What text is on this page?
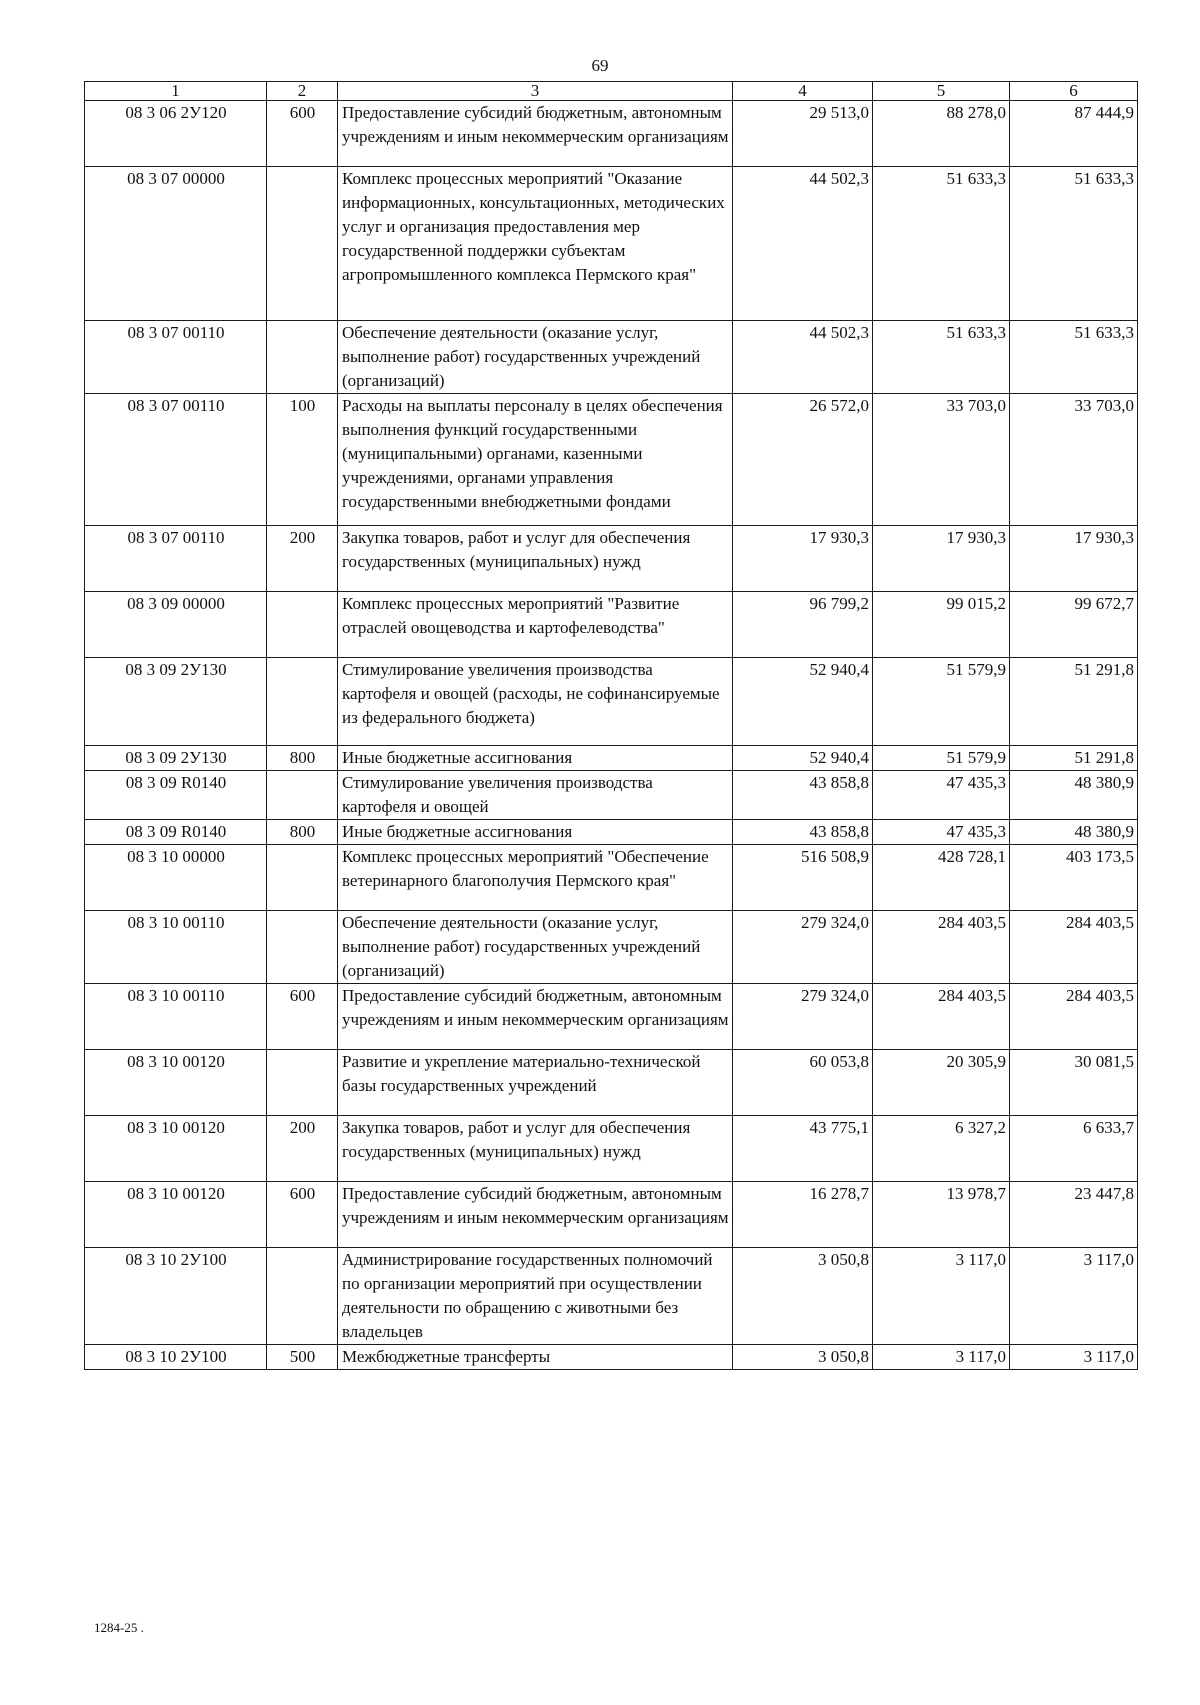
69
1	2	3	4	5	6
08 3 06 2У120	600	Предоставление субсидий бюджетным, автономным учреждениям и иным некоммерческим организациям	29 513,0	88 278,0	87 444,9
08 3 07 00000		Комплекс процессных мероприятий "Оказание информационных, консультационных, методических услуг и организация предоставления мер государственной поддержки субъектам агропромышленного комплекса Пермского края"	44 502,3	51 633,3	51 633,3
08 3 07 00110		Обеспечение деятельности (оказание услуг, выполнение работ) государственных учреждений (организаций)	44 502,3	51 633,3	51 633,3
08 3 07 00110	100	Расходы на выплаты персоналу в целях обеспечения выполнения функций государственными (муниципальными) органами, казенными учреждениями, органами управления государственными внебюджетными фондами	26 572,0	33 703,0	33 703,0
08 3 07 00110	200	Закупка товаров, работ и услуг для обеспечения государственных (муниципальных) нужд	17 930,3	17 930,3	17 930,3
08 3 09 00000		Комплекс процессных мероприятий "Развитие отраслей овощеводства и картофелеводства"	96 799,2	99 015,2	99 672,7
08 3 09 2У130		Стимулирование увеличения производства картофеля и овощей (расходы, не софинансируемые из федерального бюджета)	52 940,4	51 579,9	51 291,8
08 3 09 2У130	800	Иные бюджетные ассигнования	52 940,4	51 579,9	51 291,8
08 3 09 R0140		Стимулирование увеличения производства картофеля и овощей	43 858,8	47 435,3	48 380,9
08 3 09 R0140	800	Иные бюджетные ассигнования	43 858,8	47 435,3	48 380,9
08 3 10 00000		Комплекс процессных мероприятий "Обеспечение ветеринарного благополучия Пермского края"	516 508,9	428 728,1	403 173,5
08 3 10 00110		Обеспечение деятельности (оказание услуг, выполнение работ) государственных учреждений (организаций)	279 324,0	284 403,5	284 403,5
08 3 10 00110	600	Предоставление субсидий бюджетным, автономным учреждениям и иным некоммерческим организациям	279 324,0	284 403,5	284 403,5
08 3 10 00120		Развитие и укрепление материально-технической базы государственных учреждений	60 053,8	20 305,9	30 081,5
08 3 10 00120	200	Закупка товаров, работ и услуг для обеспечения государственных (муниципальных) нужд	43 775,1	6 327,2	6 633,7
08 3 10 00120	600	Предоставление субсидий бюджетным, автономным учреждениям и иным некоммерческим организациям	16 278,7	13 978,7	23 447,8
08 3 10 2У100		Администрирование государственных полномочий по организации мероприятий при осуществлении деятельности по обращению с животными без владельцев	3 050,8	3 117,0	3 117,0
08 3 10 2У100	500	Межбюджетные трансферты	3 050,8	3 117,0	3 117,0
1284-25 .
